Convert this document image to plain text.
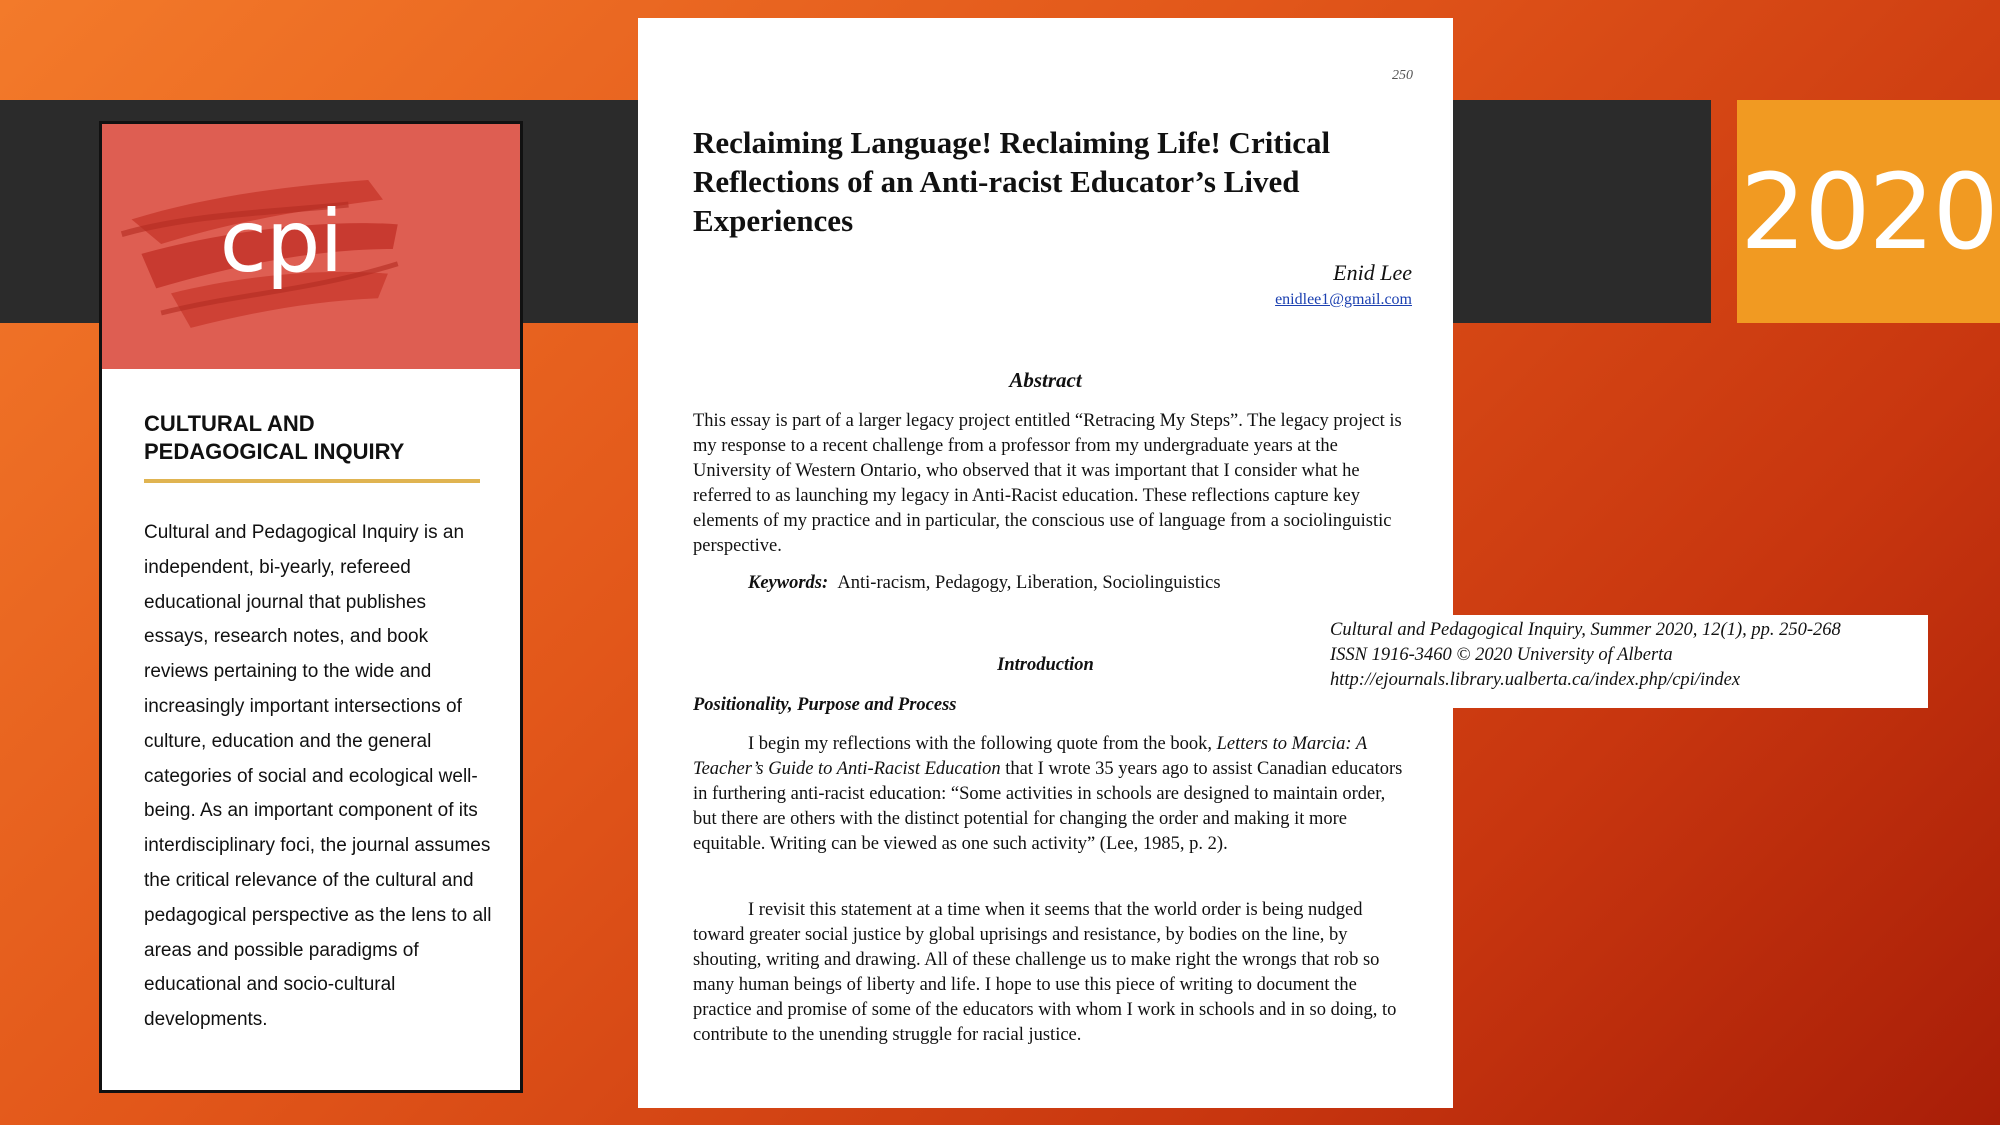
cpi
CULTURAL AND PEDAGOGICAL INQUIRY
Cultural and Pedagogical Inquiry is an independent, bi-yearly, refereed educational journal that publishes essays, research notes, and book reviews pertaining to the wide and increasingly important intersections of culture, education and the general categories of social and ecological well-being. As an important component of its interdisciplinary foci, the journal assumes the critical relevance of the cultural and pedagogical perspective as the lens to all areas and possible paradigms of educational and socio-cultural developments.
250
Reclaiming Language! Reclaiming Life! Critical Reflections of an Anti-racist Educator’s Lived Experiences
Enid Lee
enidlee1@gmail.com
Abstract
This essay is part of a larger legacy project entitled “Retracing My Steps”. The legacy project is my response to a recent challenge from a professor from my undergraduate years at the University of Western Ontario, who observed that it was important that I consider what he referred to as launching my legacy in Anti-Racist education. These reflections capture key elements of my practice and in particular, the conscious use of language from a sociolinguistic perspective.
Keywords: Anti-racism, Pedagogy, Liberation, Sociolinguistics
Introduction
Positionality, Purpose and Process
I begin my reflections with the following quote from the book, Letters to Marcia: A Teacher’s Guide to Anti-Racist Education that I wrote 35 years ago to assist Canadian educators in furthering anti-racist education: “Some activities in schools are designed to maintain order, but there are others with the distinct potential for changing the order and making it more equitable. Writing can be viewed as one such activity” (Lee, 1985, p. 2).
I revisit this statement at a time when it seems that the world order is being nudged toward greater social justice by global uprisings and resistance, by bodies on the line, by shouting, writing and drawing. All of these challenge us to make right the wrongs that rob so many human beings of liberty and life. I hope to use this piece of writing to document the practice and promise of some of the educators with whom I work in schools and in so doing, to contribute to the unending struggle for racial justice.
Cultural and Pedagogical Inquiry, Summer 2020, 12(1), pp. 250-268
ISSN 1916-3460 © 2020 University of Alberta
http://ejournals.library.ualberta.ca/index.php/cpi/index
2020
